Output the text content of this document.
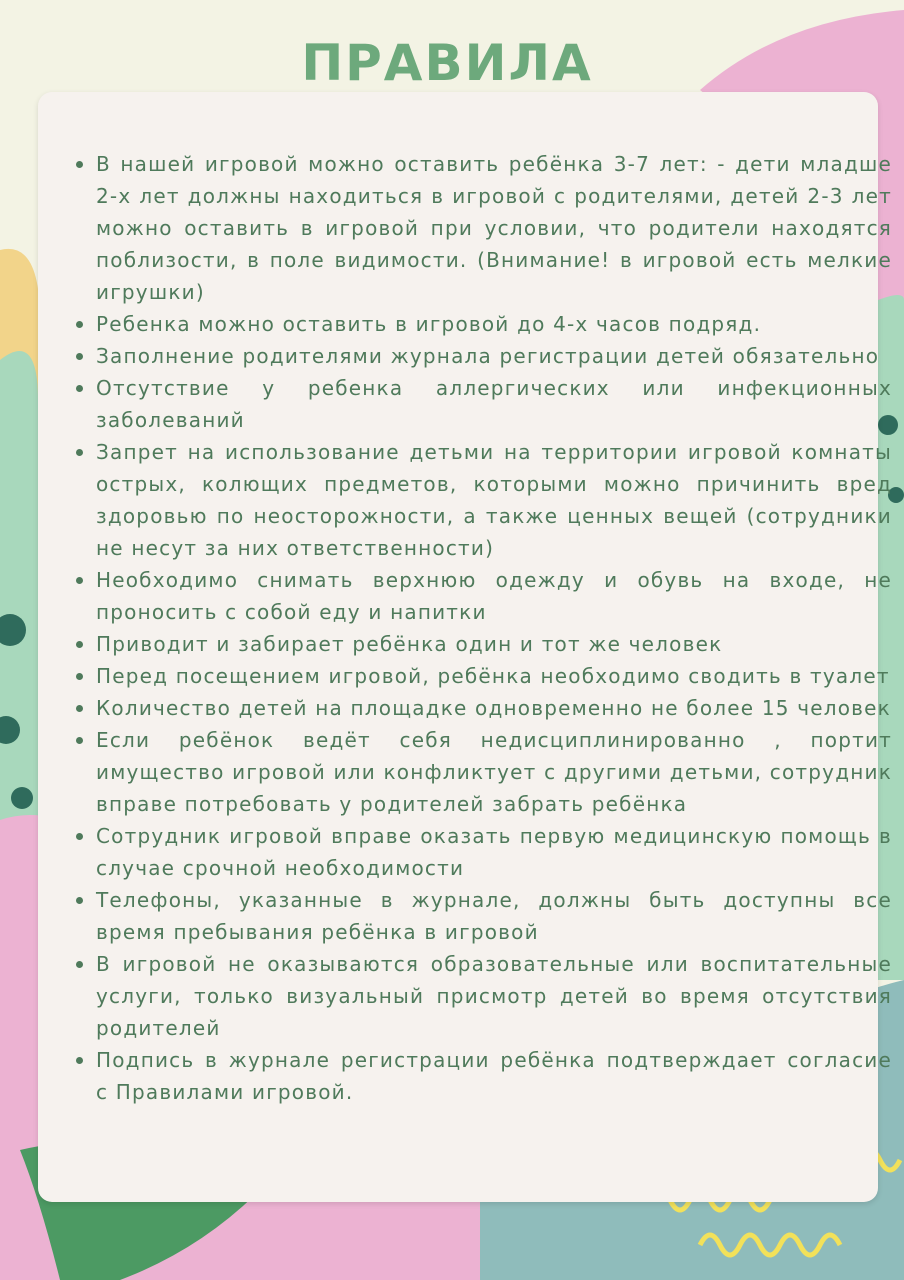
ПРАВИЛА
В нашей игровой можно оставить ребёнка 3-7 лет: - дети младше 2-х лет должны находиться в игровой с родителями, детей 2-3 лет можно оставить в игровой при условии, что родители находятся поблизости, в поле видимости. (Внимание! в игровой есть мелкие игрушки)
Ребенка можно оставить в игровой до 4-х часов подряд.
Заполнение родителями журнала регистрации детей обязательно
Отсутствие у ребенка аллергических или инфекционных заболеваний
Запрет на использование детьми на территории игровой комнаты острых, колющих предметов, которыми можно причинить вред здоровью по неосторожности, а также ценных вещей (сотрудники не несут за них ответственности)
Необходимо снимать верхнюю одежду и обувь на входе, не проносить с собой еду и напитки
Приводит и забирает ребёнка один и тот же человек
Перед посещением игровой, ребёнка необходимо сводить в туалет
Количество детей на площадке одновременно не более 15 человек
Если ребёнок ведёт себя недисциплинированно , портит имущество игровой или конфликтует с другими детьми, сотрудник вправе потребовать у родителей забрать ребёнка
Сотрудник игровой вправе оказать первую медицинскую помощь в случае срочной необходимости
Телефоны, указанные в журнале, должны быть доступны все время пребывания ребёнка в игровой
В игровой не оказываются образовательные или воспитательные услуги, только визуальный присмотр детей во время отсутствия родителей
Подпись в журнале регистрации ребёнка подтверждает согласие с Правилами игровой.
